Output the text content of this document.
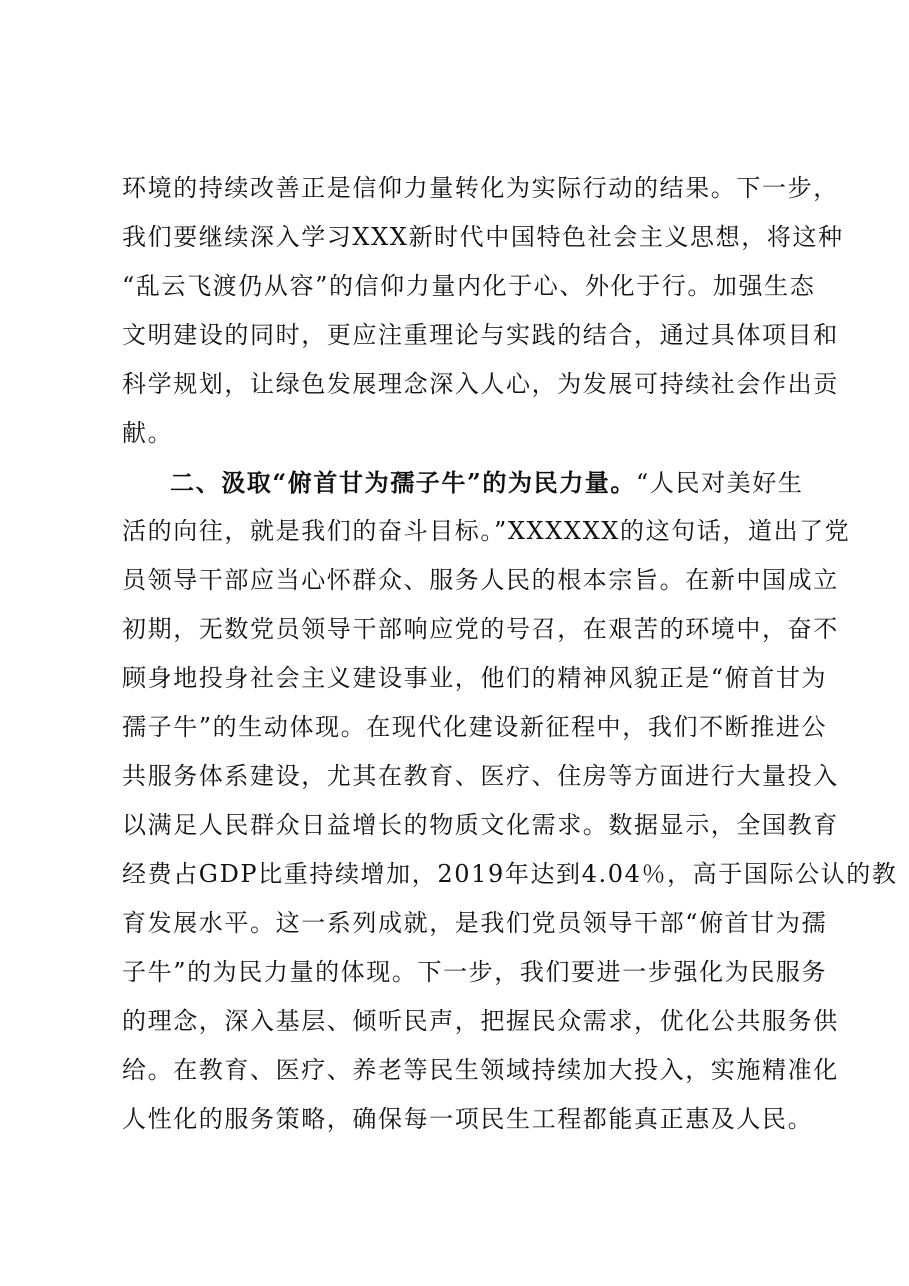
环境的持续改善正是信仰力量转化为实际行动的结果。下一步，
我们要继续深入学习XXX新时代中国特色社会主义思想，将这种
“乱云飞渡仍从容”的信仰力量内化于心、外化于行。加强生态
文明建设的同时，更应注重理论与实践的结合，通过具体项目和
科学规划，让绿色发展理念深入人心，为发展可持续社会作出贡
献。
二、汲取“俯首甘为孺子牛”的为民力量。“人民对美好生
活的向往，就是我们的奋斗目标。”XXXXXX的这句话，道出了党
员领导干部应当心怀群众、服务人民的根本宗旨。在新中国成立
初期，无数党员领导干部响应党的号召，在艰苦的环境中，奋不
顾身地投身社会主义建设事业，他们的精神风貌正是“俯首甘为
孺子牛”的生动体现。在现代化建设新征程中，我们不断推进公
共服务体系建设，尤其在教育、医疗、住房等方面进行大量投入
以满足人民群众日益增长的物质文化需求。数据显示，全国教育
经费占GDP比重持续增加，2019年达到4.04％，高于国际公认的教
育发展水平。这一系列成就，是我们党员领导干部“俯首甘为孺
子牛”的为民力量的体现。下一步，我们要进一步强化为民服务
的理念，深入基层、倾听民声，把握民众需求，优化公共服务供
给。在教育、医疗、养老等民生领域持续加大投入，实施精准化
人性化的服务策略，确保每一项民生工程都能真正惠及人民。
